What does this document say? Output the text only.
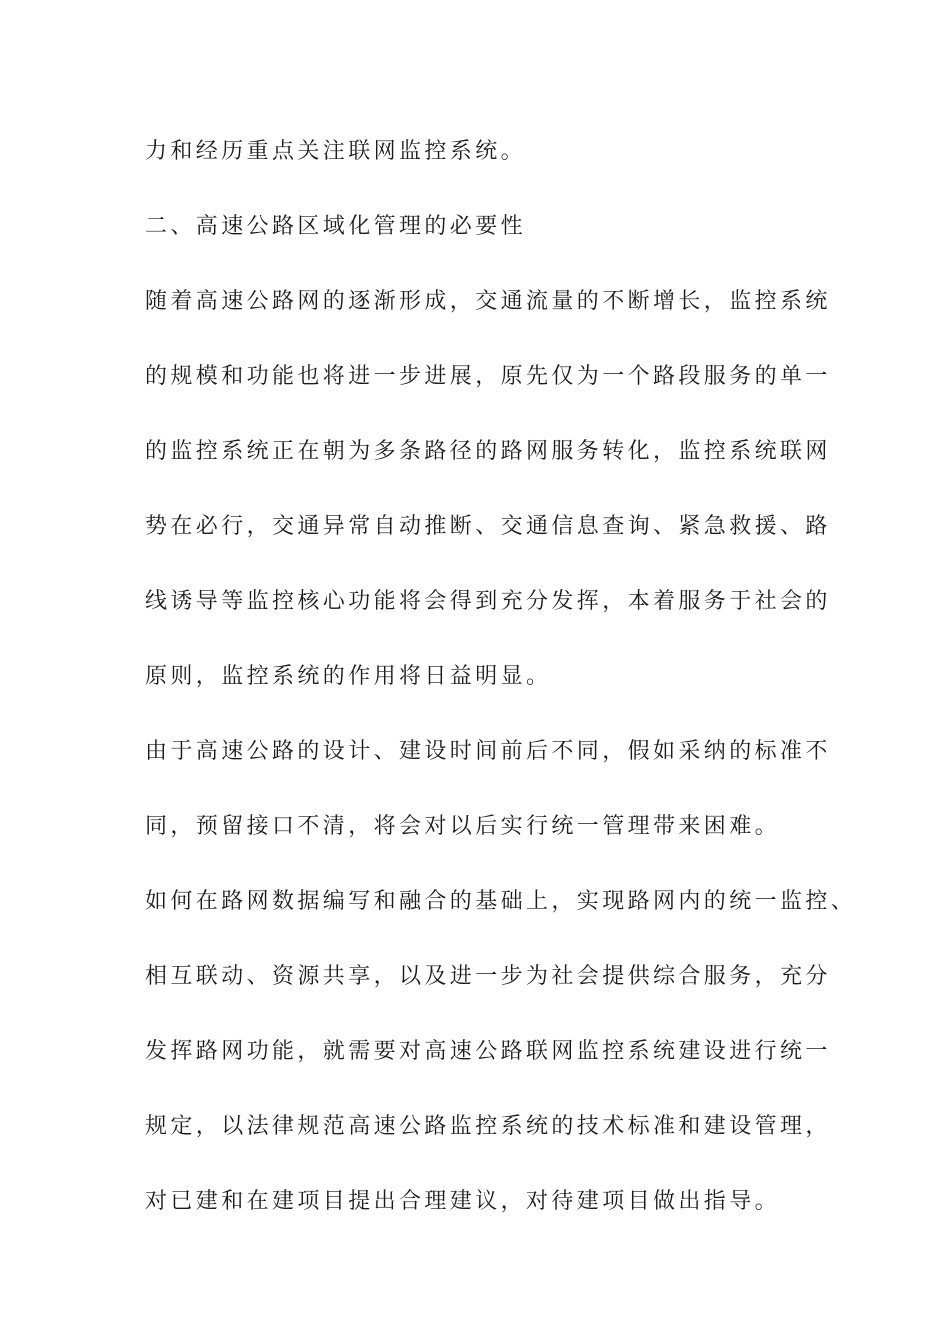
力和经历重点关注联网监控系统。
二、高速公路区域化管理的必要性
随着高速公路网的逐渐形成，交通流量的不断增长，监控系统
的规模和功能也将进一步进展，原先仅为一个路段服务的单一
的监控系统正在朝为多条路径的路网服务转化，监控系统联网
势在必行，交通异常自动推断、交通信息查询、紧急救援、路
线诱导等监控核心功能将会得到充分发挥，本着服务于社会的
原则，监控系统的作用将日益明显。
由于高速公路的设计、建设时间前后不同，假如采纳的标准不
同，预留接口不清，将会对以后实行统一管理带来困难。
如何在路网数据编写和融合的基础上，实现路网内的统一监控、
相互联动、资源共享，以及进一步为社会提供综合服务，充分
发挥路网功能，就需要对高速公路联网监控系统建设进行统一
规定，以法律规范高速公路监控系统的技术标准和建设管理，
对已建和在建项目提出合理建议，对待建项目做出指导。
